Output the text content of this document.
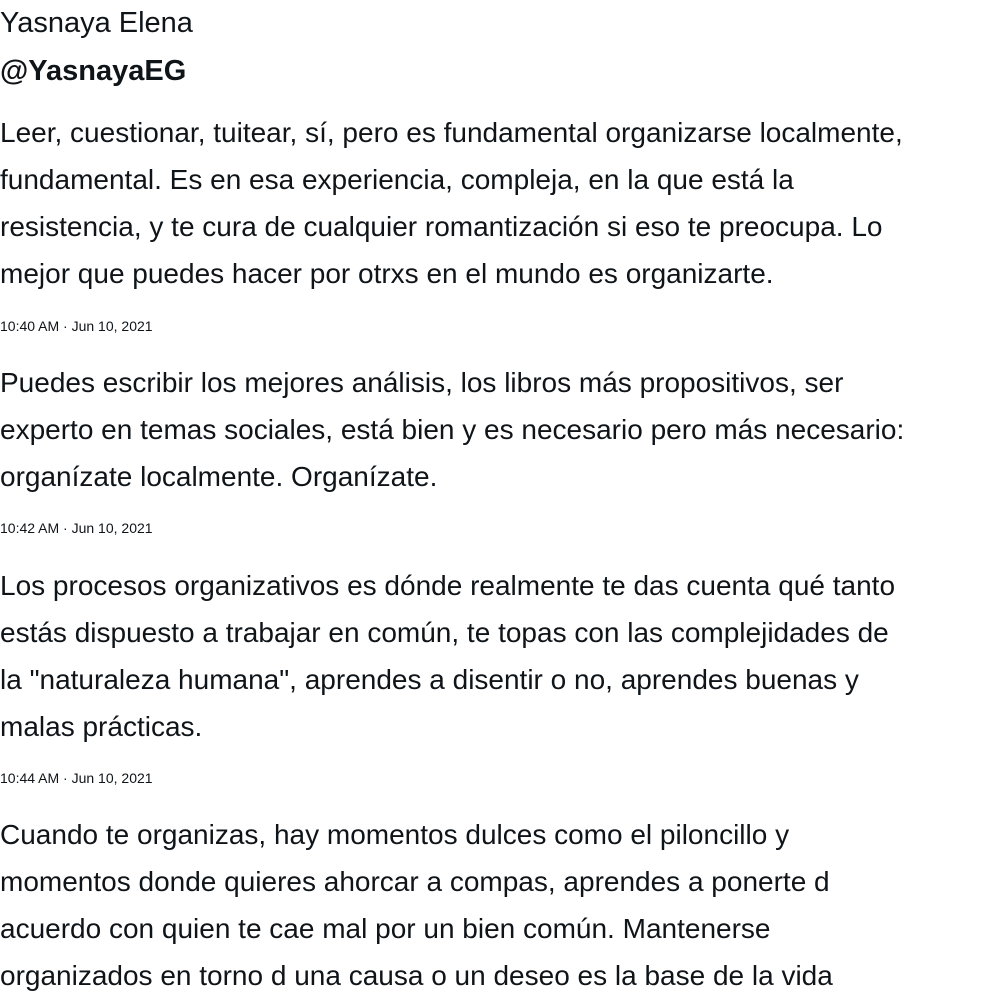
Yasnaya Elena
@YasnayaEG

Leer, cuestionar, tuitear, sí, pero es fundamental organizarse localmente,
fundamental. Es en esa experiencia, compleja, en la que está la
resistencia, y te cura de cualquier romantización si eso te preocupa. Lo
mejor que puedes hacer por otrxs en el mundo es organizarte.

10:40 AM · Jun 10, 2021

Puedes escribir los mejores análisis, los libros más propositivos, ser
experto en temas sociales, está bien y es necesario pero más necesario:
organízate localmente. Organízate.

10:42 AM · Jun 10, 2021

Los procesos organizativos es dónde realmente te das cuenta qué tanto
estás dispuesto a trabajar en común, te topas con las complejidades de
la "naturaleza humana", aprendes a disentir o no, aprendes buenas y
malas prácticas.

10:44 AM · Jun 10, 2021

Cuando te organizas, hay momentos dulces como el piloncillo y
momentos donde quieres ahorcar a compas, aprendes a ponerte d
acuerdo con quien te cae mal por un bien común. Mantenerse
organizados en torno d una causa o un deseo es la base de la vida
